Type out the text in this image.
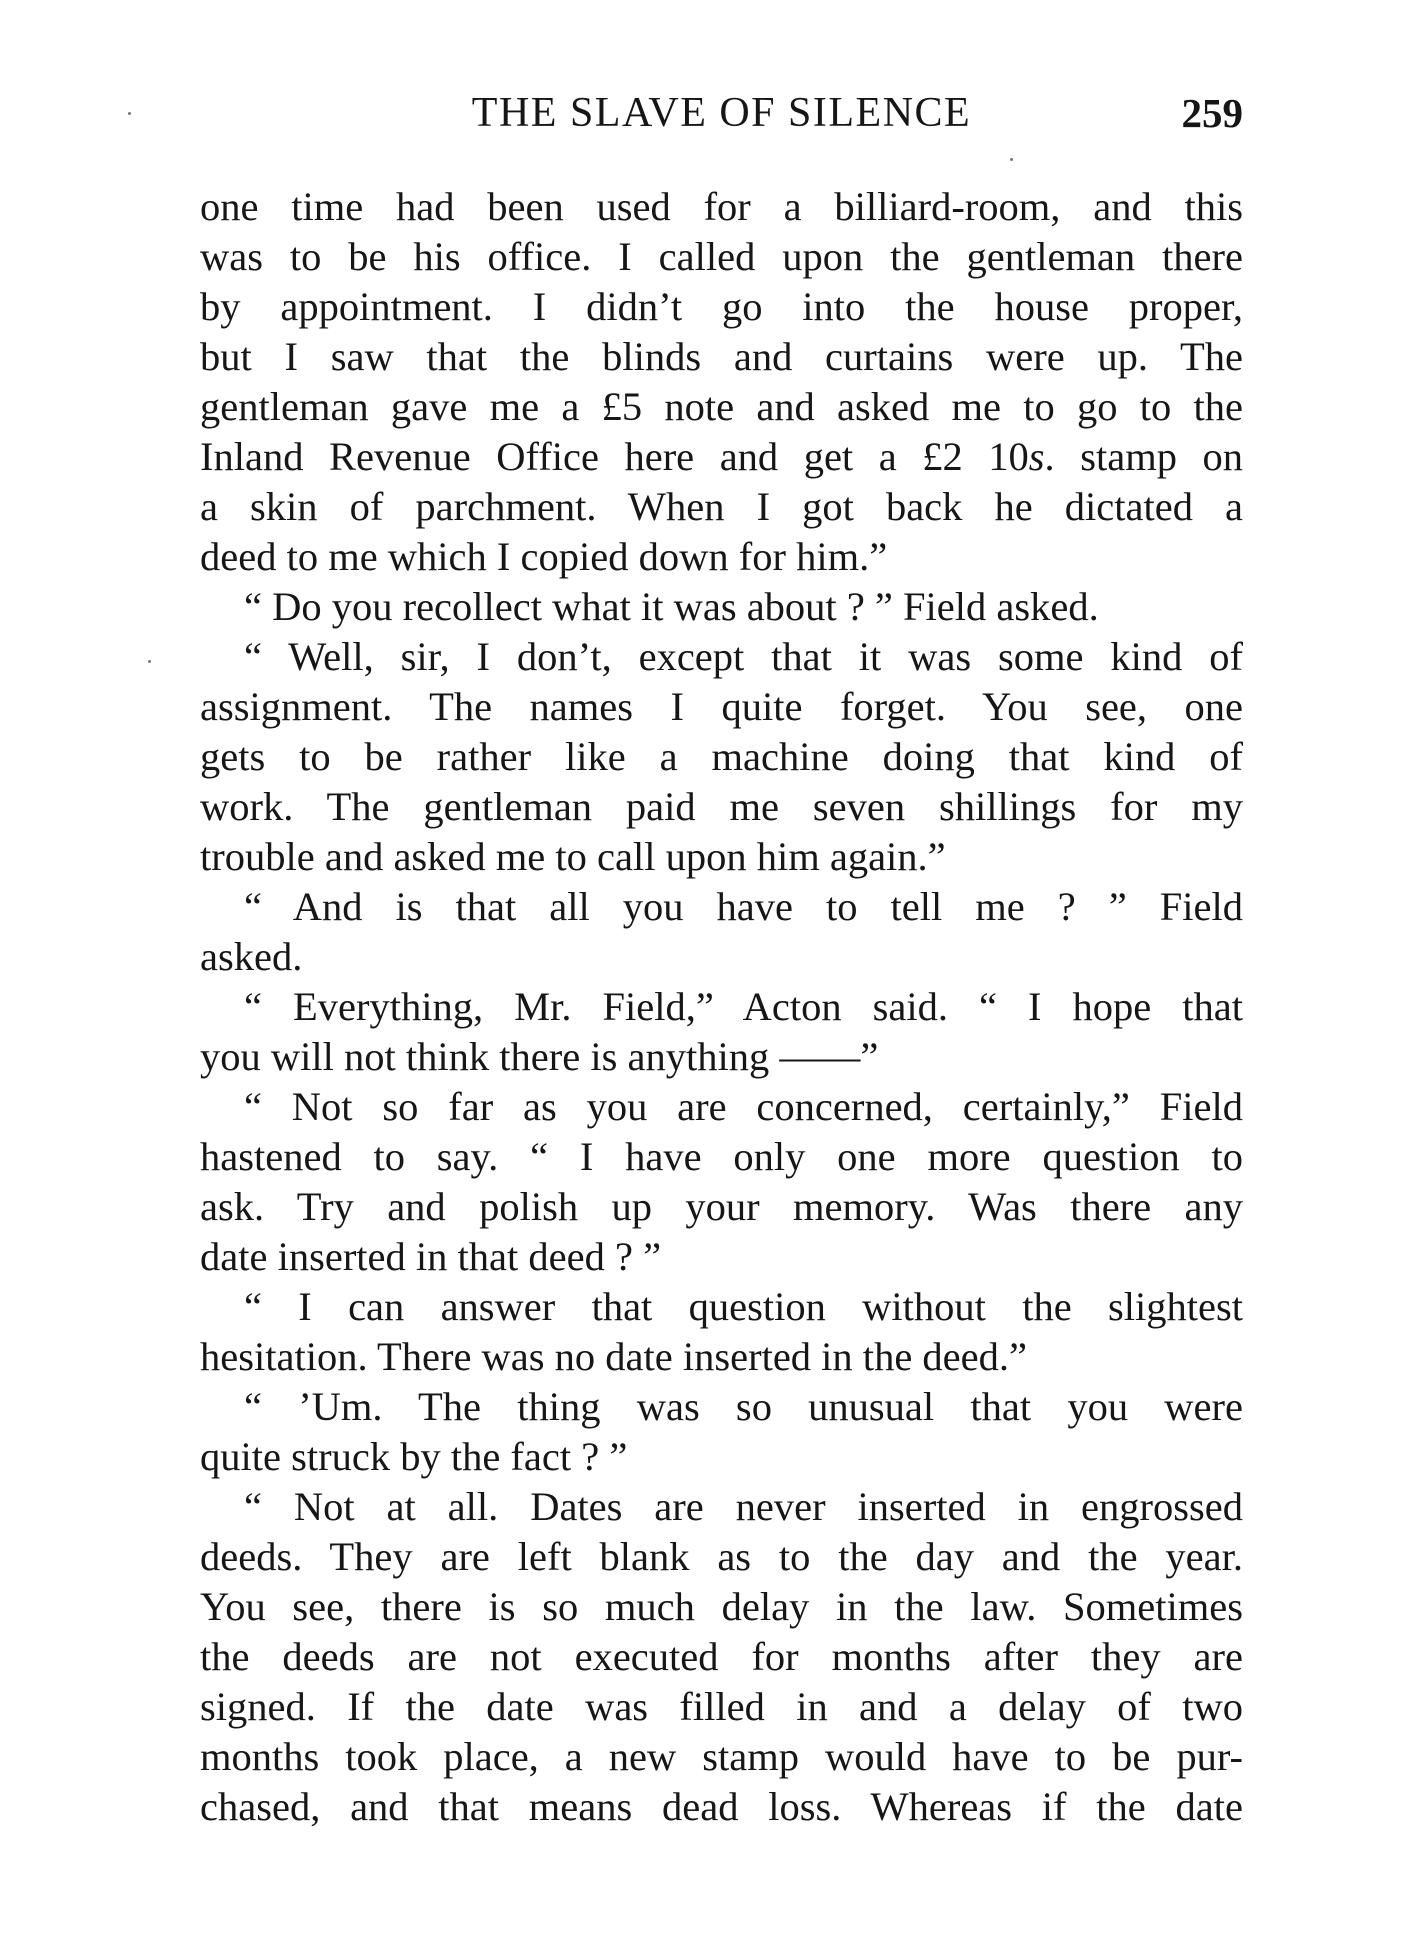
THE SLAVE OF SILENCE	259
one time had been used for a billiard-room, and this
was to be his office. I called upon the gentleman there
by appointment. I didn’t go into the house proper,
but I saw that the blinds and curtains were up. The
gentleman gave me a £5 note and asked me to go to the
Inland Revenue Office here and get a £2 10s. stamp on
a skin of parchment. When I got back he dictated a
deed to me which I copied down for him.”
“ Do you recollect what it was about ? ” Field asked.
“ Well, sir, I don’t, except that it was some kind of
assignment. The names I quite forget. You see, one
gets to be rather like a machine doing that kind of
work. The gentleman paid me seven shillings for my
trouble and asked me to call upon him again.”
“ And is that all you have to tell me ? ” Field
asked.
“ Everything, Mr. Field,” Acton said. “ I hope that
you will not think there is anything ——”
“ Not so far as you are concerned, certainly,” Field
hastened to say. “ I have only one more question to
ask. Try and polish up your memory. Was there any
date inserted in that deed ? ”
“ I can answer that question without the slightest
hesitation. There was no date inserted in the deed.”
“ ’Um. The thing was so unusual that you were
quite struck by the fact ? ”
“ Not at all. Dates are never inserted in engrossed
deeds. They are left blank as to the day and the year.
You see, there is so much delay in the law. Sometimes
the deeds are not executed for months after they are
signed. If the date was filled in and a delay of two
months took place, a new stamp would have to be pur-
chased, and that means dead loss. Whereas if the date
